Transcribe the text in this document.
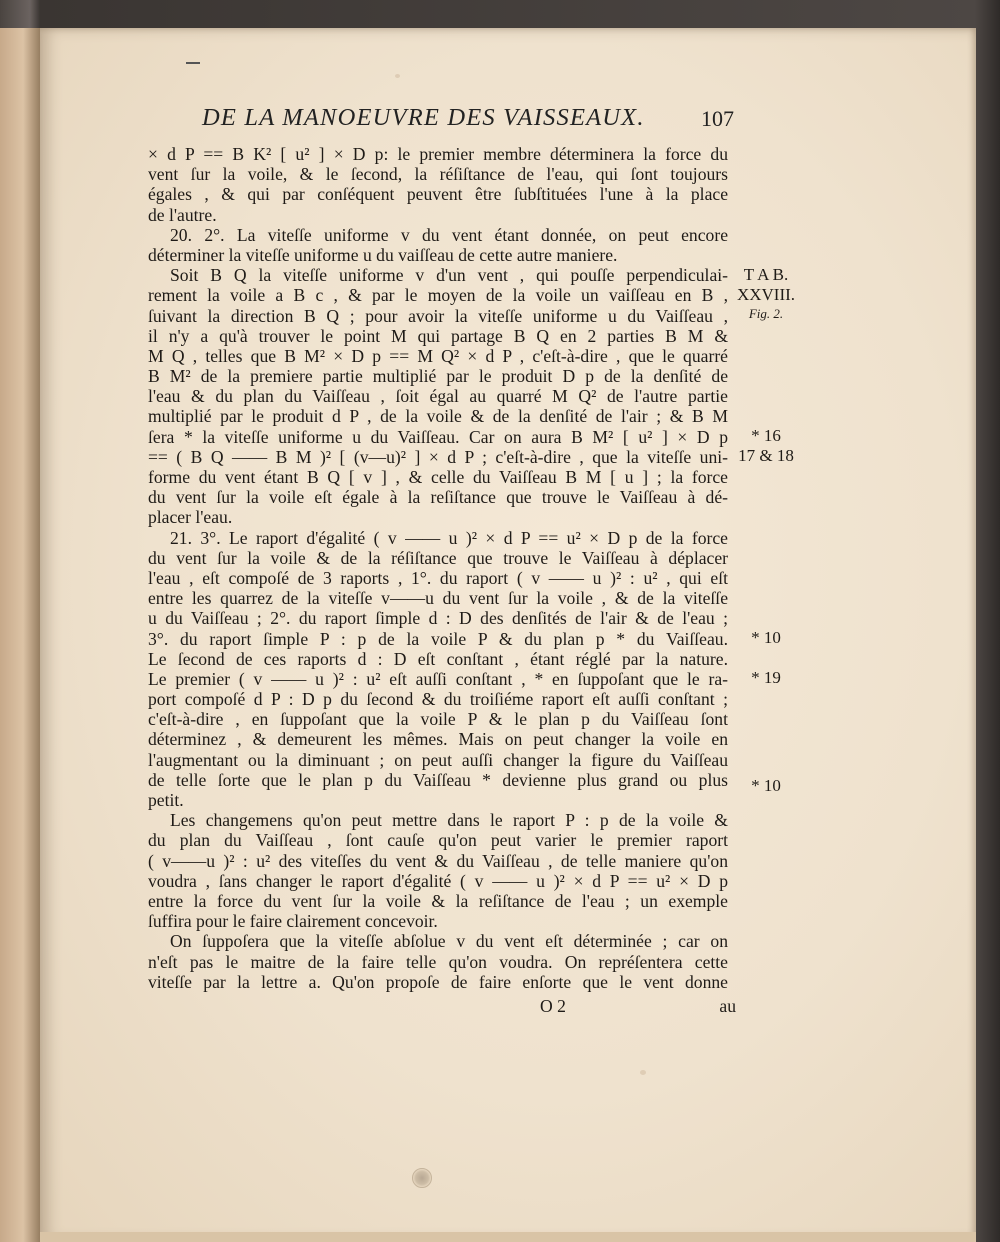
DE LA MANOEUVRE DES VAISSEAUX.	107
× d P == B K² [ u² ] × D p: le premier membre déterminera la force du
vent ſur la voile, & le ſecond, la réſiſtance de l'eau, qui ſont toujours
égales , & qui par conſéquent peuvent être ſubſtituées l'une à la place
de l'autre.
20. 2°. La viteſſe uniforme v du vent étant donnée, on peut encore
déterminer la viteſſe uniforme u du vaiſſeau de cette autre maniere.
Soit B Q la viteſſe uniforme v d'un vent , qui pouſſe perpendiculai-
rement la voile a B c , & par le moyen de la voile un vaiſſeau en B ,
ſuivant la direction B Q ; pour avoir la viteſſe uniforme u du Vaiſſeau ,
il n'y a qu'à trouver le point M qui partage B Q en 2 parties B M &
M Q , telles que B M² × D p == M Q² × d P , c'eſt-à-dire , que le quarré
B M² de la premiere partie multiplié par le produit D p de la denſité de
l'eau & du plan du Vaiſſeau , ſoit égal au quarré M Q² de l'autre partie
multiplié par le produit d P , de la voile & de la denſité de l'air ; & B M
ſera * la viteſſe uniforme u du Vaiſſeau. Car on aura B M² [ u² ] × D p
== ( B Q —— B M )² [ (v—u)² ] × d P ; c'eſt-à-dire , que la viteſſe uni-
forme du vent étant B Q [ v ] , & celle du Vaiſſeau B M [ u ] ; la force
du vent ſur la voile eſt égale à la reſiſtance que trouve le Vaiſſeau à dé-
placer l'eau.
21. 3°. Le raport d'égalité ( v —— u )² × d P == u² × D p de la force
du vent ſur la voile & de la réſiſtance que trouve le Vaiſſeau à déplacer
l'eau , eſt compoſé de 3 raports , 1°. du raport ( v —— u )² : u² , qui eſt
entre les quarrez de la viteſſe v——u du vent ſur la voile , & de la viteſſe
u du Vaiſſeau ; 2°. du raport ſimple d : D des denſités de l'air & de l'eau ;
3°. du raport ſimple P : p de la voile P & du plan p * du Vaiſſeau.
Le ſecond de ces raports d : D eſt conſtant , étant réglé par la nature.
Le premier ( v —— u )² : u² eſt auſſi conſtant , * en ſuppoſant que le ra-
port compoſé d P : D p du ſecond & du troiſiéme raport eſt auſſi conſtant ;
c'eſt-à-dire , en ſuppoſant que la voile P & le plan p du Vaiſſeau ſont
déterminez , & demeurent les mêmes. Mais on peut changer la voile en
l'augmentant ou la diminuant ; on peut auſſi changer la figure du Vaiſſeau
de telle ſorte que le plan p du Vaiſſeau * devienne plus grand ou plus
petit.
Les changemens qu'on peut mettre dans le raport P : p de la voile &
du plan du Vaiſſeau , ſont cauſe qu'on peut varier le premier raport
( v——u )² : u² des viteſſes du vent & du Vaiſſeau , de telle maniere qu'on
voudra , ſans changer le raport d'égalité ( v —— u )² × d P == u² × D p
entre la force du vent ſur la voile & la reſiſtance de l'eau ; un exemple
ſuffira pour le faire clairement concevoir.
On ſuppoſera que la viteſſe abſolue v du vent eſt déterminée ; car on
n'eſt pas le maitre de la faire telle qu'on voudra. On repréſentera cette
viteſſe par la lettre a. Qu'on propoſe de faire enſorte que le vent donne
T A B.
XXVIII.
Fig. 2.
* 16
17 & 18
* 10
* 19
* 10
O 2	au
